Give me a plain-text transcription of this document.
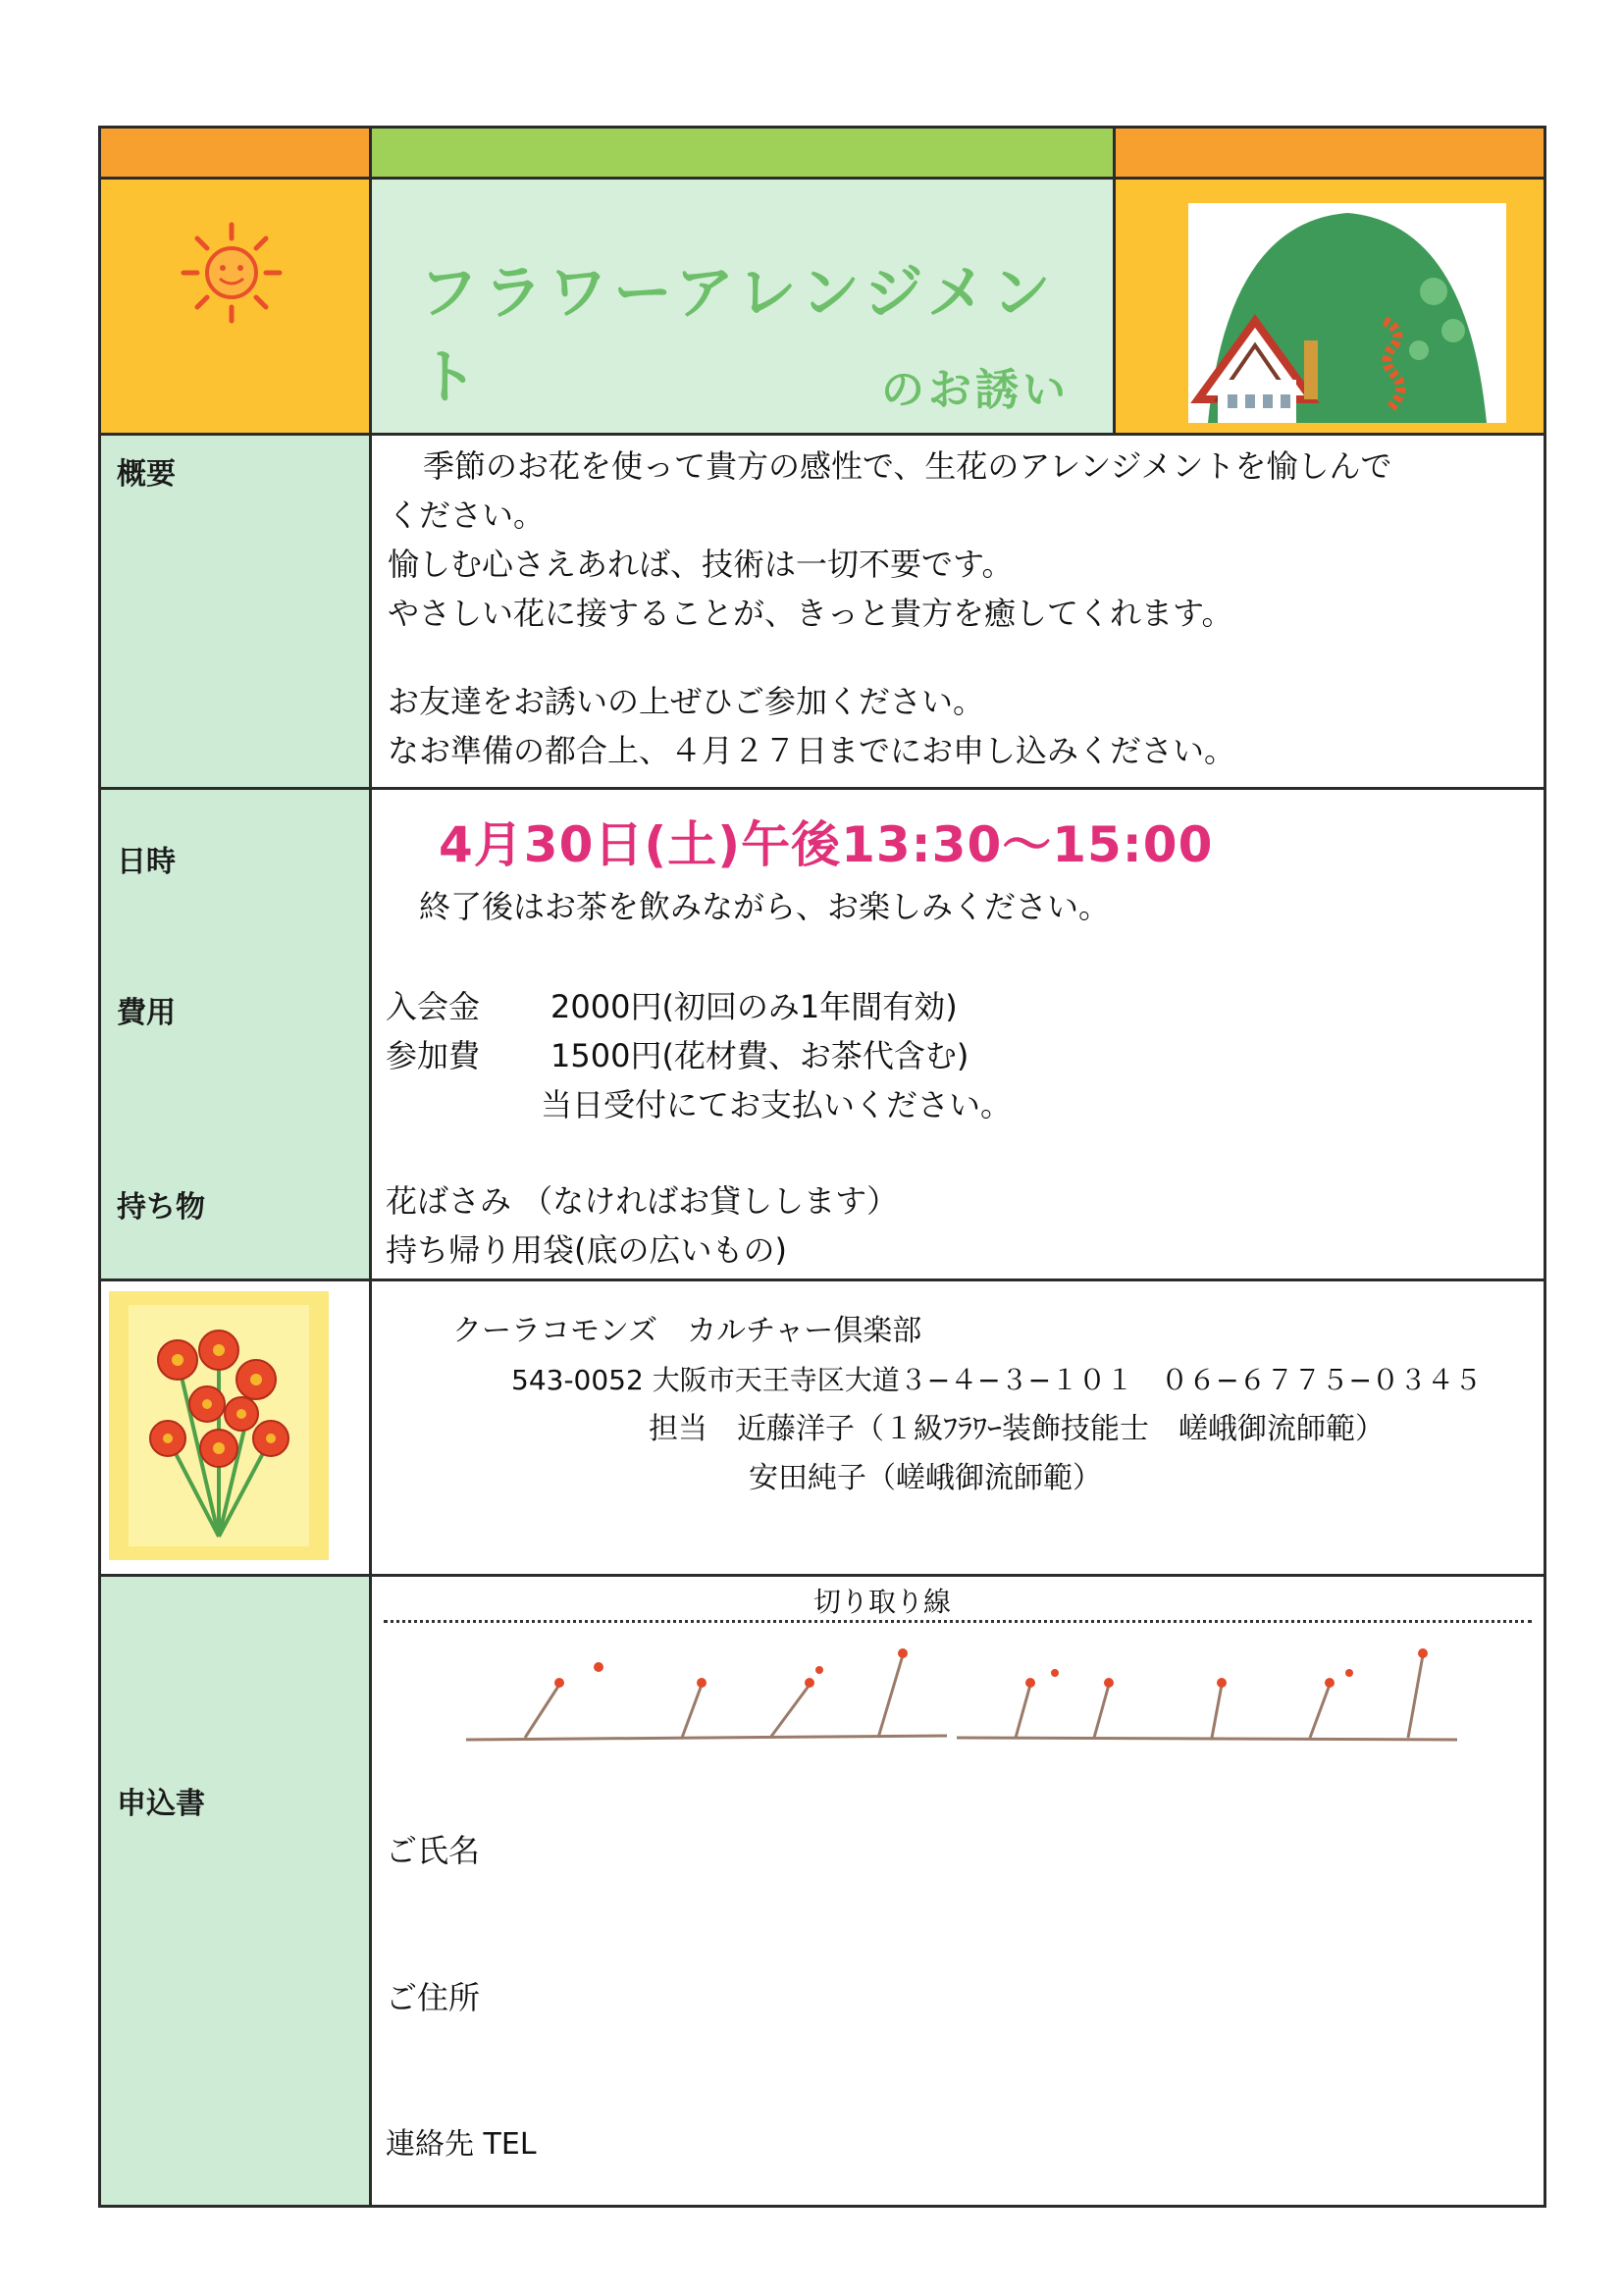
フラワーアレンジメント	のお誘い
概要	季節のお花を使って貴方の感性で、生花のアレンジメントを愉しんで
ください。
愉しむ心さえあれば、技術は一切不要です。
やさしい花に接することが、きっと貴方を癒してくれます。
お友達をお誘いの上ぜひご参加ください。
なお準備の都合上、４月２７日までにお申し込みください。
日時
費用
持ち物
4月30日(土)午後13:30〜15:00
終了後はお茶を飲みながら、お楽しみください。
入会金 2000円(初回のみ1年間有効)
参加費 1500円(花材費、お茶代含む)
当日受付にてお支払いください。
花ばさみ （なければお貸しします）
持ち帰り用袋(底の広いもの)
クーラコモンズ　カルチャー倶楽部
543-0052 大阪市天王寺区大道３−４−３−１０１　０６−６７７５−０３４５
担当　近藤洋子（１級ﾌﾗﾜｰ装飾技能士　嵯峨御流師範）
安田純子（嵯峨御流師範）
申込書
切り取り線
ご氏名
ご住所
連絡先 TEL
